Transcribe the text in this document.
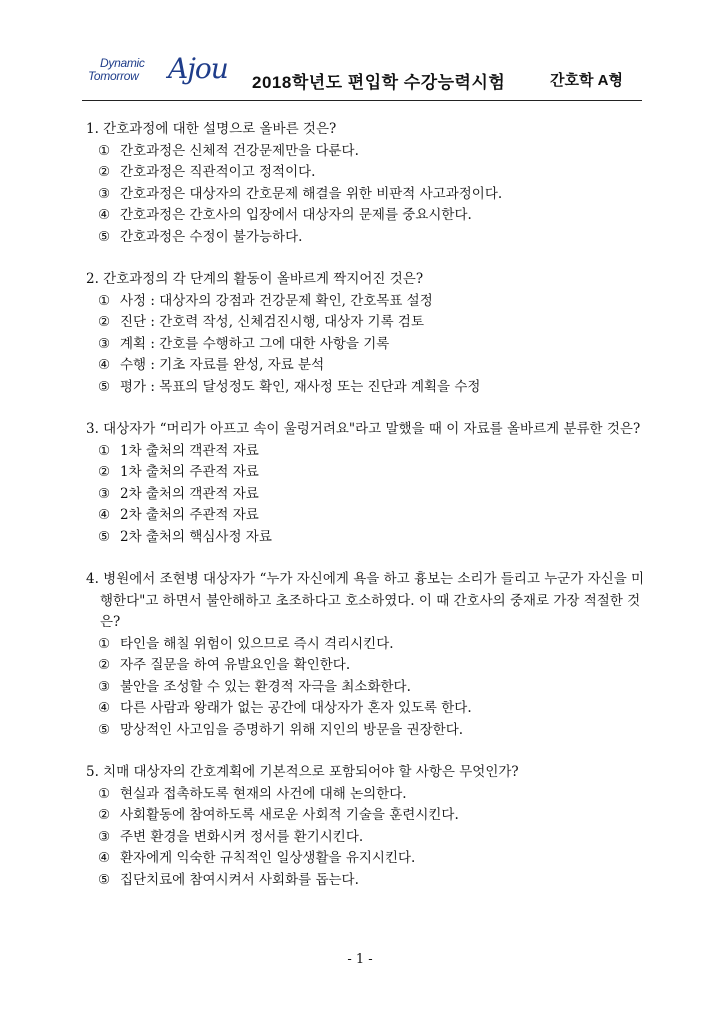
Dynamic
Tomorrow Ajou 2018학년도 편입학 수강능력시험	간호학 A형
1. 간호과정에 대한 설명으로 올바른 것은?
① 간호과정은 신체적 건강문제만을 다룬다.
② 간호과정은 직관적이고 정적이다.
③ 간호과정은 대상자의 간호문제 해결을 위한 비판적 사고과정이다.
④ 간호과정은 간호사의 입장에서 대상자의 문제를 중요시한다.
⑤ 간호과정은 수정이 불가능하다.
2. 간호과정의 각 단계의 활동이 올바르게 짝지어진 것은?
① 사정 : 대상자의 강점과 건강문제 확인, 간호목표 설정
② 진단 : 간호력 작성, 신체검진시행, 대상자 기록 검토
③ 계획 : 간호를 수행하고 그에 대한 사항을 기록
④ 수행 : 기초 자료를 완성, 자료 분석
⑤ 평가 : 목표의 달성정도 확인, 재사정 또는 진단과 계획을 수정
3. 대상자가 “머리가 아프고 속이 울렁거려요"라고 말했을 때 이 자료를 올바르게 분류한 것은?
① 1차 출처의 객관적 자료
② 1차 출처의 주관적 자료
③ 2차 출처의 객관적 자료
④ 2차 출처의 주관적 자료
⑤ 2차 출처의 핵심사정 자료
4. 병원에서 조현병 대상자가 “누가 자신에게 욕을 하고 흉보는 소리가 들리고 누군가 자신을 미행한다"고 하면서 불안해하고 초조하다고 호소하였다. 이 때 간호사의 중재로 가장 적절한 것은?
① 타인을 해칠 위험이 있으므로 즉시 격리시킨다.
② 자주 질문을 하여 유발요인을 확인한다.
③ 불안을 조성할 수 있는 환경적 자극을 최소화한다.
④ 다른 사람과 왕래가 없는 공간에 대상자가 혼자 있도록 한다.
⑤ 망상적인 사고임을 증명하기 위해 지인의 방문을 권장한다.
5. 치매 대상자의 간호계획에 기본적으로 포함되어야 할 사항은 무엇인가?
① 현실과 접촉하도록 현재의 사건에 대해 논의한다.
② 사회활동에 참여하도록 새로운 사회적 기술을 훈련시킨다.
③ 주변 환경을 변화시켜 정서를 환기시킨다.
④ 환자에게 익숙한 규칙적인 일상생활을 유지시킨다.
⑤ 집단치료에 참여시켜서 사회화를 돕는다.
- 1 -
